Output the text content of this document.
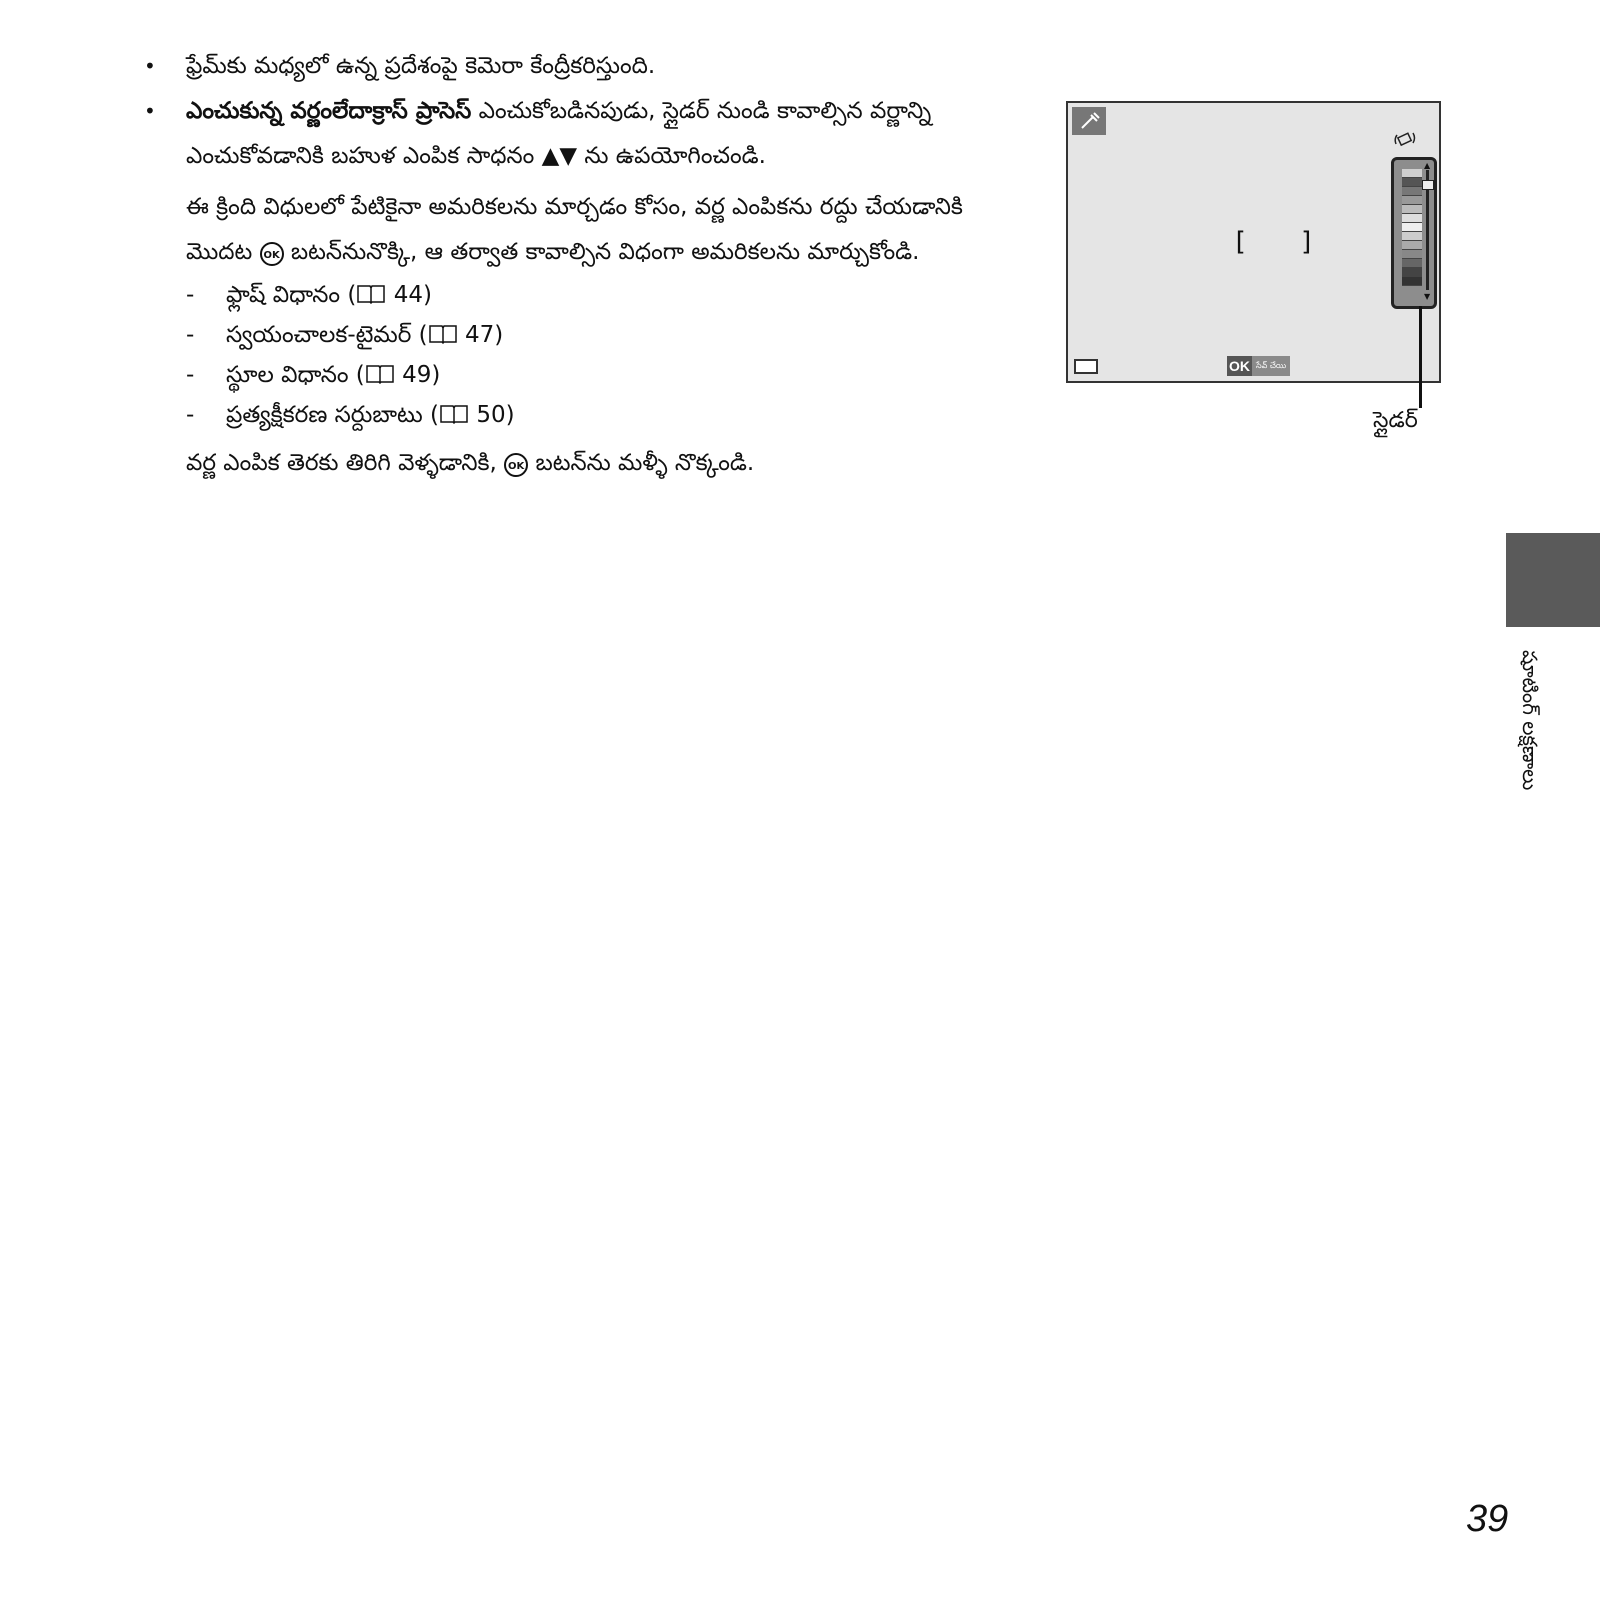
• ఫ్రేమ్‌కు మధ్యలో ఉన్న ప్రదేశంపై కెమెరా కేంద్రీకరిస్తుంది.
• ఎంచుకున్న వర్ణంలేదాక్రాస్ ప్రాసెస్ ఎంచుకోబడినపుడు, స్లైడర్ నుండి కావాల్సిన వర్ణాన్ని ఎంచుకోవడానికి బహుళ ఎంపిక సాధనం ▲▼ ను ఉపయోగించండి.
ఈ క్రింది విధులలో పేటికైనా అమరికలను మార్చడం కోసం, వర్ణ ఎంపికను రద్దు చేయడానికి మొదట OK బటన్‌నునొక్కి, ఆ తర్వాత కావాల్సిన విధంగా అమరికలను మార్చుకోండి.
- ఫ్లాష్ విధానం ( 44)
- స్వయంచాలక-టైమర్ ( 47)
- స్థూల విధానం ( 49)
- ప్రత్యక్షీకరణ సర్దుబాటు ( 50)
వర్ణ ఎంపిక తెరకు తిరిగి వెళ్ళడానికి, OK బటన్‌ను మళ్ళీ నొక్కండి.
[ ]
OK సేవ్ చేయి
▲
▼
స్లైడర్
షూటింగ్ లక్షణాలు
39
